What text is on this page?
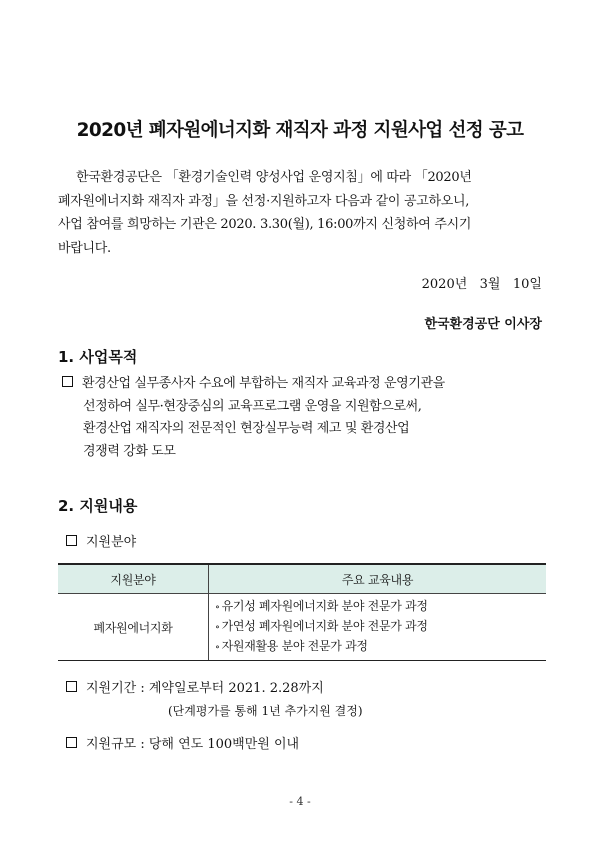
2020년 폐자원에너지화 재직자 과정 지원사업 선정 공고

한국환경공단은 「환경기술인력 양성사업 운영지침」에 따라 「2020년

폐자원에너지화 재직자 과정」을 선정·지원하고자 다음과 같이 공고하오니,

사업 참여를 희망하는 기관은 2020. 3.30(월), 16:00까지 신청하여 주시기

바랍니다.

2020년   3월   10일
한국환경공단 이사장
1. 사업목적
환경산업 실무종사자 수요에 부합하는 재직자 교육과정 운영기관을
선정하여 실무·현장중심의 교육프로그램 운영을 지원함으로써,
환경산업 재직자의 전문적인 현장실무능력 제고 및 환경산업
경쟁력 강화 도모
2. 지원내용
지원분야
지원분야	주요 교육내용
폐자원에너지화	∘ 유기성 폐자원에너지화 분야 전문가 과정
∘ 가연성 폐자원에너지화 분야 전문가 과정
∘ 자원재활용 분야 전문가 과정
지원기간 : 계약일로부터 2021. 2.28까지
(단계평가를 통해 1년 추가지원 결정)
지원규모 : 당해 연도 100백만원 이내
- 4 -
